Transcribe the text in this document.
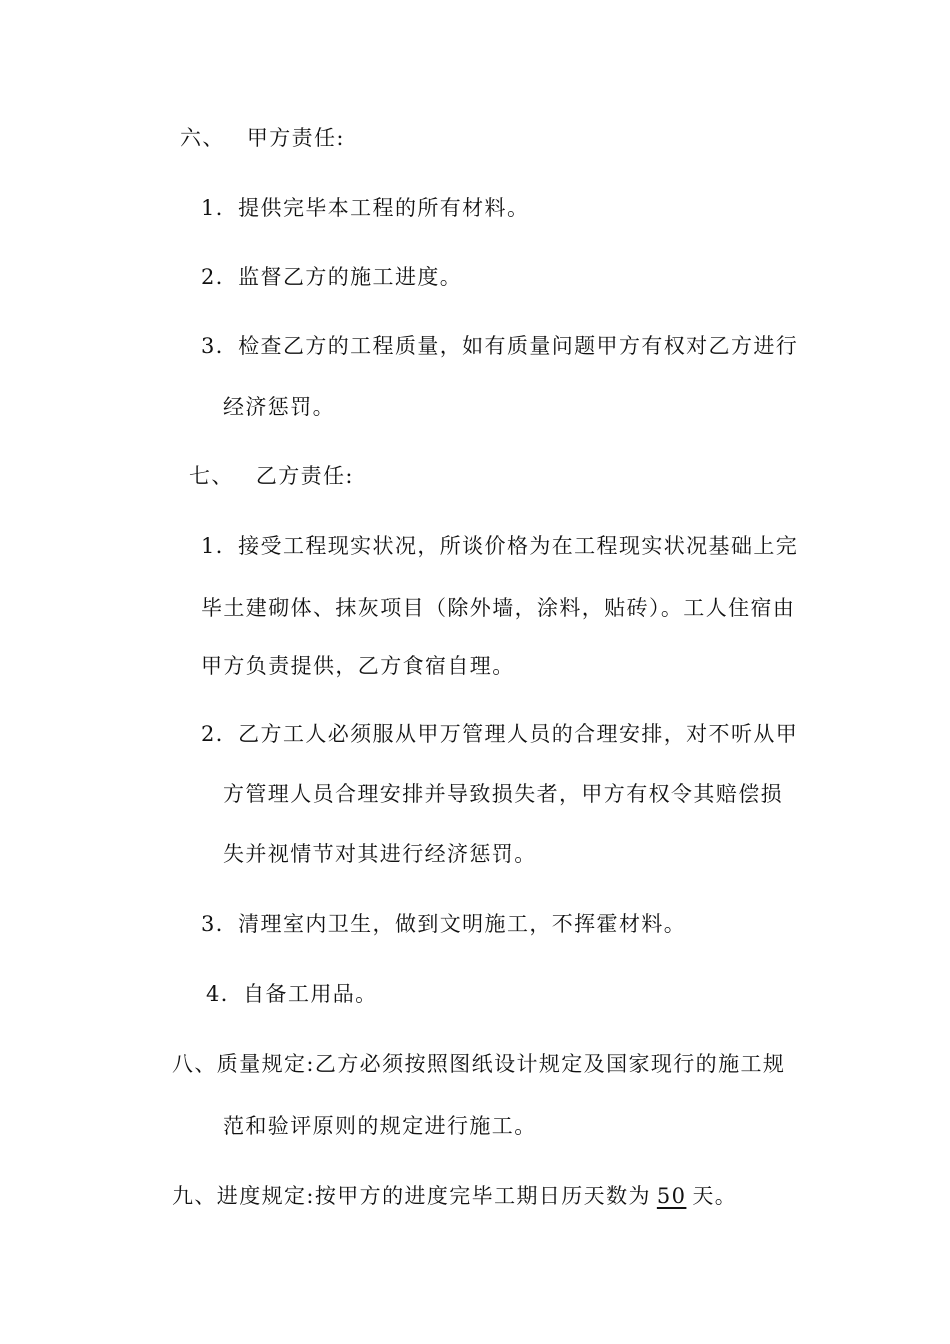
六、 甲方责任:
1．提供完毕本工程的所有材料。
2．监督乙方的施工进度。
3．检查乙方的工程质量，如有质量问题甲方有权对乙方进行
经济惩罚。
七、 乙方责任:
1．接受工程现实状况，所谈价格为在工程现实状况基础上完
毕土建砌体、抹灰项目（除外墙，涂料，贴砖）。工人住宿由
甲方负责提供，乙方食宿自理。
2．乙方工人必须服从甲万管理人员的合理安排，对不听从甲
方管理人员合理安排并导致损失者，甲方有权令其赔偿损
失并视情节对其进行经济惩罚。
3．清理室内卫生，做到文明施工，不挥霍材料。
4．自备工用品。
八、质量规定:乙方必须按照图纸设计规定及国家现行的施工规
范和验评原则的规定进行施工。
九、进度规定:按甲方的进度完毕工期日历天数为 50 天。
